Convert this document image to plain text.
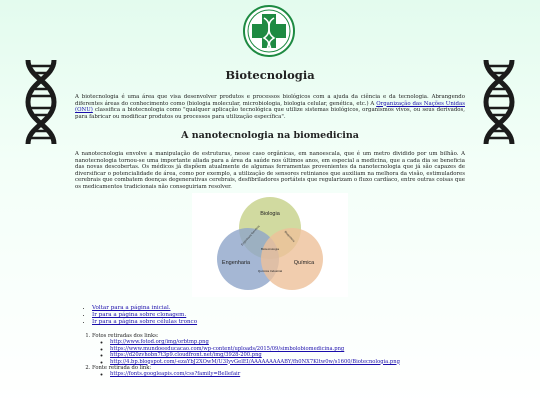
Biotecnologia
A biotecnologia é uma área que visa desenvolver produtos e processos biológicos com a ajuda da ciência e da tecnologia. Abrangendo diferentes áreas do conhecimento como (biologia molecular, microbiologia, biologia celular, genética, etc.) A Organização das Nações Unidas (ONU) classifica a biotecnologia como "qualquer aplicação tecnológica que utilize sistemas biológicos, organismos vivos, ou seus derivados, para fabricar ou modificar produtos ou processos para utilização específica".
A nanotecnologia na biomedicina
A nanotecnologia envolve a manipulação de estruturas, nesse caso orgânicas, em nanoescala, que é um metro dividido por um bilhão. A nanotecnologia tornou-se uma importante aliada para a área da saúde nos últimos anos, em especial a medicina, que a cada dia se beneficia das novas descobertas. Os médicos já dispõem atualmente de algumas ferramentas provenientes da nanotecnologia que já são capazes de diversificar o potencialidade de área, como por exemplo, a utilização de sensores retinianos que auxiliam na melhora da visão, estimuladores cerebrais que combatem doenças degenerativas cerebrais, desfibriladores portáteis que regularizam o fluxo cardíaco, entre outras coisas que os medicamentos tradicionais não conseguiriam resolver.
Biologia
Engenharia	Química
Engenharia Genética	Bioquímica
Biotecnologia
Química Industrial
• Voltar para a página inicial.
• Ir para a página sobre clonagem.
• Ir para a página sobre células tronco
1. Fotos retiradas dos links:
◦ http://www.fotod.org/img/orbtmp.png
◦ https://www.mundoeeducacao.com/wp-content/uploads/2015/09/simbolobiomedicina.png
◦ https://d20zvhobn7t3p9.cloudfront.net/img/3928-200.png
◦ http://4.bp.blogspot.com/-ezaYbJ2XOwM/U3IyvGelEI/AAAAAAAAABY/fh0NX7Kltw0w/s1600/Biotecnologia.png
2. Fonte retirada do link:
◦ https://fonts.googleapis.com/css?family=Bellefair
